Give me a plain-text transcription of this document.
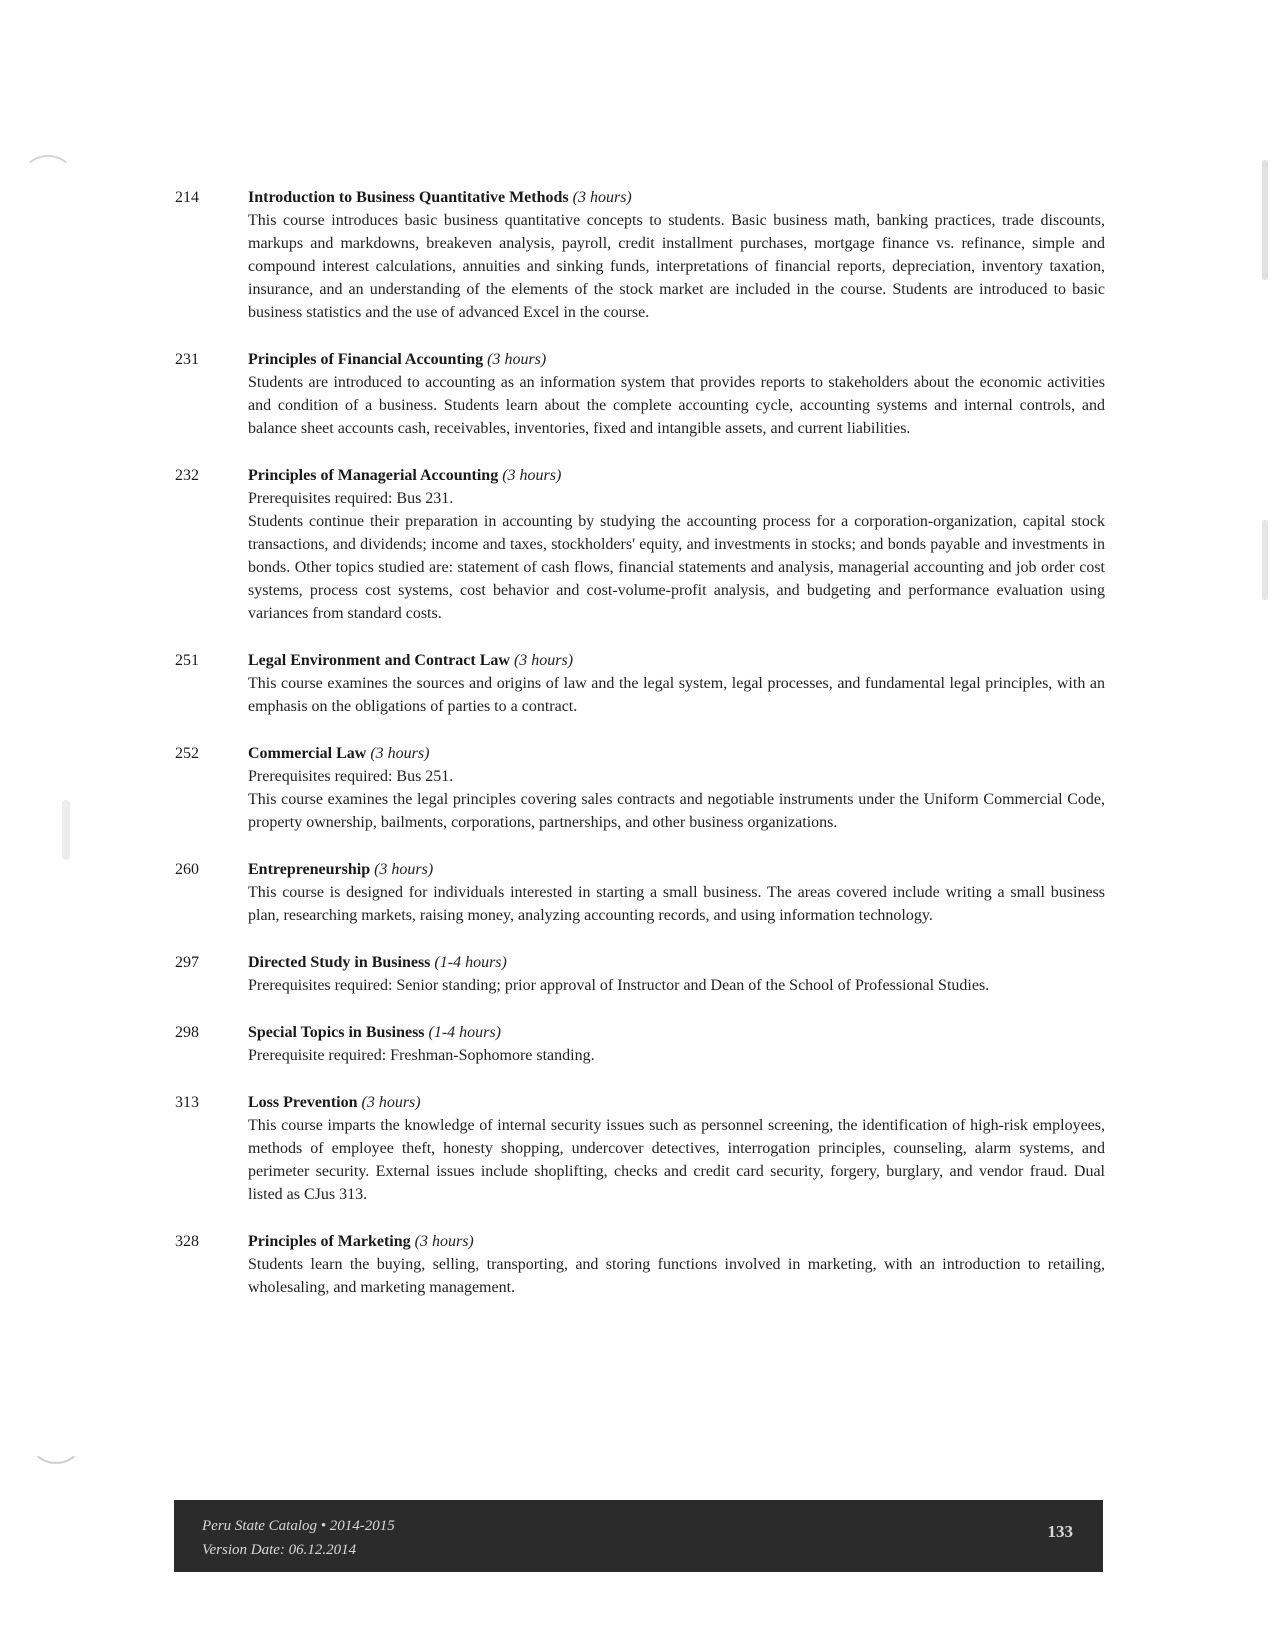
214	Introduction to Business Quantitative Methods (3 hours)
This course introduces basic business quantitative concepts to students. Basic business math, banking practices, trade discounts, markups and markdowns, breakeven analysis, payroll, credit installment purchases, mortgage finance vs. refinance, simple and compound interest calculations, annuities and sinking funds, interpretations of financial reports, depreciation, inventory taxation, insurance, and an understanding of the elements of the stock market are included in the course. Students are introduced to basic business statistics and the use of advanced Excel in the course.
231	Principles of Financial Accounting (3 hours)
Students are introduced to accounting as an information system that provides reports to stakeholders about the economic activities and condition of a business. Students learn about the complete accounting cycle, accounting systems and internal controls, and balance sheet accounts cash, receivables, inventories, fixed and intangible assets, and current liabilities.
232	Principles of Managerial Accounting (3 hours)
Prerequisites required: Bus 231.
Students continue their preparation in accounting by studying the accounting process for a corporation-organization, capital stock transactions, and dividends; income and taxes, stockholders' equity, and investments in stocks; and bonds payable and investments in bonds. Other topics studied are: statement of cash flows, financial statements and analysis, managerial accounting and job order cost systems, process cost systems, cost behavior and cost-volume-profit analysis, and budgeting and performance evaluation using variances from standard costs.
251	Legal Environment and Contract Law (3 hours)
This course examines the sources and origins of law and the legal system, legal processes, and fundamental legal principles, with an emphasis on the obligations of parties to a contract.
252	Commercial Law (3 hours)
Prerequisites required: Bus 251.
This course examines the legal principles covering sales contracts and negotiable instruments under the Uniform Commercial Code, property ownership, bailments, corporations, partnerships, and other business organizations.
260	Entrepreneurship (3 hours)
This course is designed for individuals interested in starting a small business. The areas covered include writing a small business plan, researching markets, raising money, analyzing accounting records, and using information technology.
297	Directed Study in Business (1-4 hours)
Prerequisites required: Senior standing; prior approval of Instructor and Dean of the School of Professional Studies.
298	Special Topics in Business (1-4 hours)
Prerequisite required: Freshman-Sophomore standing.
313	Loss Prevention (3 hours)
This course imparts the knowledge of internal security issues such as personnel screening, the identification of high-risk employees, methods of employee theft, honesty shopping, undercover detectives, interrogation principles, counseling, alarm systems, and perimeter security. External issues include shoplifting, checks and credit card security, forgery, burglary, and vendor fraud. Dual listed as CJus 313.
328	Principles of Marketing (3 hours)
Students learn the buying, selling, transporting, and storing functions involved in marketing, with an introduction to retailing, wholesaling, and marketing management.
Peru State Catalog • 2014-2015
Version Date: 06.12.2014
133
